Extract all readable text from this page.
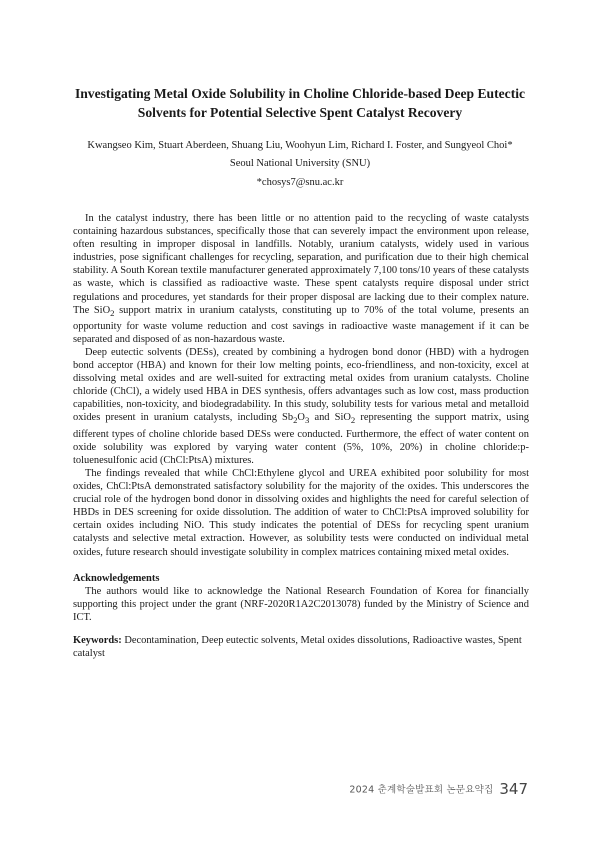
Investigating Metal Oxide Solubility in Choline Chloride-based Deep Eutectic
Solvents for Potential Selective Spent Catalyst Recovery
Kwangseo Kim, Stuart Aberdeen, Shuang Liu, Woohyun Lim, Richard I. Foster, and Sungyeol Choi*
Seoul National University (SNU)
*chosys7@snu.ac.kr

In the catalyst industry, there has been little or no attention paid to the recycling of waste catalysts containing hazardous substances, specifically those that can severely impact the environment upon release, often resulting in improper disposal in landfills. Notably, uranium catalysts, widely used in various industries, pose significant challenges for recycling, separation, and purification due to their high chemical stability. A South Korean textile manufacturer generated approximately 7,100 tons/10 years of these catalysts as waste, which is classified as radioactive waste. These spent catalysts require disposal under strict regulations and procedures, yet standards for their proper disposal are lacking due to their complex nature. The SiO$_2$ support matrix in uranium catalysts, constituting up to 70% of the total volume, presents an opportunity for waste volume reduction and cost savings in radioactive waste management if it can be separated and disposed of as non-hazardous waste.

Deep eutectic solvents (DESs), created by combining a hydrogen bond donor (HBD) with a hydrogen bond acceptor (HBA) and known for their low melting points, eco-friendliness, and non-toxicity, excel at dissolving metal oxides and are well-suited for extracting metal oxides from uranium catalysts. Choline chloride (ChCl), a widely used HBA in DES synthesis, offers advantages such as low cost, mass production capabilities, non-toxicity, and biodegradability. In this study, solubility tests for various metal and metalloid oxides present in uranium catalysts, including $Sb_2O_3$ and SiO$_2$ representing the support matrix, using different types of choline chloride based DESs were conducted. Furthermore, the effect of water content on oxide solubility was explored by varying water content (5%, 10%, 20%) in choline chloride:p-toluenesulfonic acid (ChCl:PtsA) mixtures.

The findings revealed that while ChCl:Ethylene glycol and UREA exhibited poor solubility for most oxides, ChCl:PtsA demonstrated satisfactory solubility for the majority of the oxides. This underscores the crucial role of the hydrogen bond donor in dissolving oxides and highlights the need for careful selection of HBDs in DES screening for oxide dissolution. The addition of water to ChCl:PtsA improved solubility for certain oxides including NiO. This study indicates the potential of DESs for recycling spent uranium catalysts and selective metal extraction. However, as solubility tests were conducted on individual metal oxides, future research should investigate solubility in complex matrices containing mixed metal oxides.

Acknowledgements

The authors would like to acknowledge the National Research Foundation of Korea for financially supporting this project under the grant (NRF-2020R1A2C2013078) funded by the Ministry of Science and ICT.

Keywords: Decontamination, Deep eutectic solvents, Metal oxides dissolutions, Radioactive wastes, Spent catalyst
2024 춘계학술발표회 논문요약집 347
